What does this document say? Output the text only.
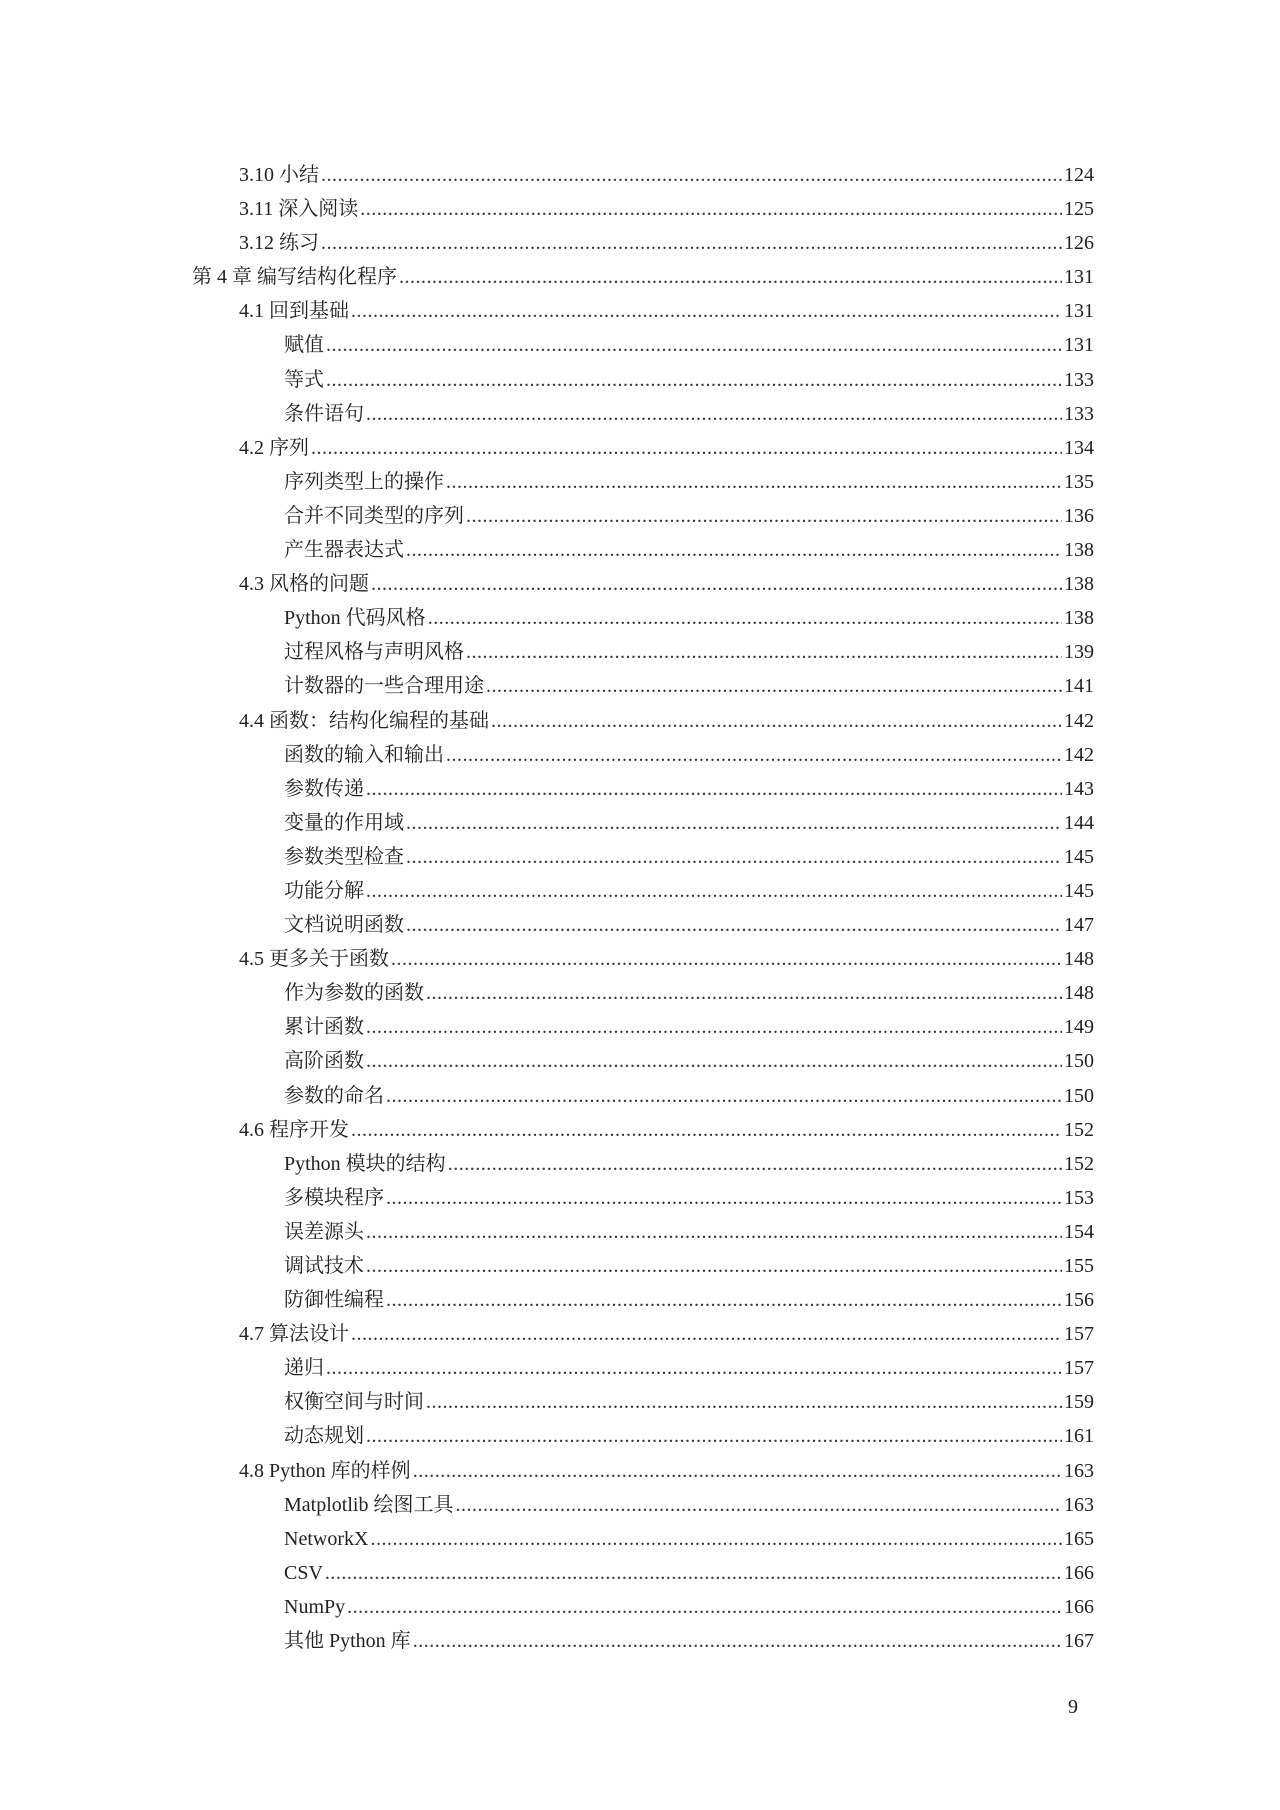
3.10 小结 .....	124
3.11 深入阅读 .....	125
3.12 练习 .....	126
第 4 章 编写结构化程序 .....	131
4.1 回到基础 .....	131
赋值 .....	131
等式 .....	133
条件语句 .....	133
4.2 序列 .....	134
序列类型上的操作 .....	135
合并不同类型的序列 .....	136
产生器表达式 .....	138
4.3 风格的问题 .....	138
Python 代码风格 .....	138
过程风格与声明风格 .....	139
计数器的一些合理用途 .....	141
4.4 函数：结构化编程的基础 .....	142
函数的输入和输出 .....	142
参数传递 .....	143
变量的作用域 .....	144
参数类型检查 .....	145
功能分解 .....	145
文档说明函数 .....	147
4.5 更多关于函数 .....	148
作为参数的函数 .....	148
累计函数 .....	149
高阶函数 .....	150
参数的命名 .....	150
4.6 程序开发 .....	152
Python 模块的结构 .....	152
多模块程序 .....	153
误差源头 .....	154
调试技术 .....	155
防御性编程 .....	156
4.7 算法设计 .....	157
递归 .....	157
权衡空间与时间 .....	159
动态规划 .....	161
4.8 Python 库的样例 .....	163
Matplotlib 绘图工具 .....	163
NetworkX .....	165
CSV .....	166
NumPy .....	166
其他 Python 库 .....	167
9
